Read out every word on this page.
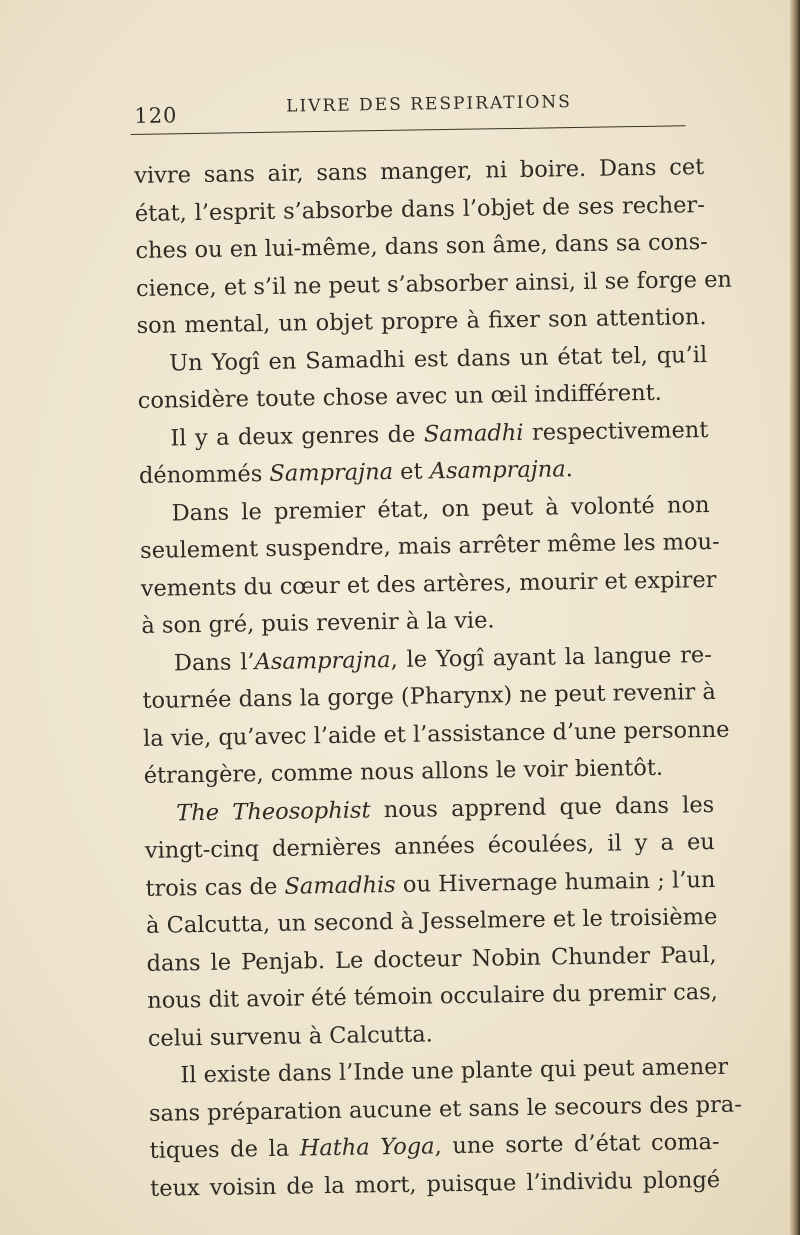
120	LIVRE DES RESPIRATIONS
vivre sans air, sans manger, ni boire. Dans cet
état, l’esprit s’absorbe dans l’objet de ses recher-
ches ou en lui-même, dans son âme, dans sa cons-
cience, et s’il ne peut s’absorber ainsi, il se forge en
son mental, un objet propre à fixer son attention.
Un Yogî en Samadhi est dans un état tel, qu’il
considère toute chose avec un œil indifférent.
Il y a deux genres de Samadhi respectivement
dénommés Samprajna et Asamprajna.
Dans le premier état, on peut à volonté non
seulement suspendre, mais arrêter même les mou-
vements du cœur et des artères, mourir et expirer
à son gré, puis revenir à la vie.
Dans l’Asamprajna, le Yogî ayant la langue re-
tournée dans la gorge (Pharynx) ne peut revenir à
la vie, qu’avec l’aide et l’assistance d’une personne
étrangère, comme nous allons le voir bientôt.
The Theosophist nous apprend que dans les
vingt-cinq dernières années écoulées, il y a eu
trois cas de Samadhis ou Hivernage humain ; l’un
à Calcutta, un second à Jesselmere et le troisième
dans le Penjab. Le docteur Nobin Chunder Paul,
nous dit avoir été témoin occulaire du premir cas,
celui survenu à Calcutta.
Il existe dans l’Inde une plante qui peut amener
sans préparation aucune et sans le secours des pra-
tiques de la Hatha Yoga, une sorte d’état coma-
teux voisin de la mort, puisque l’individu plongé
